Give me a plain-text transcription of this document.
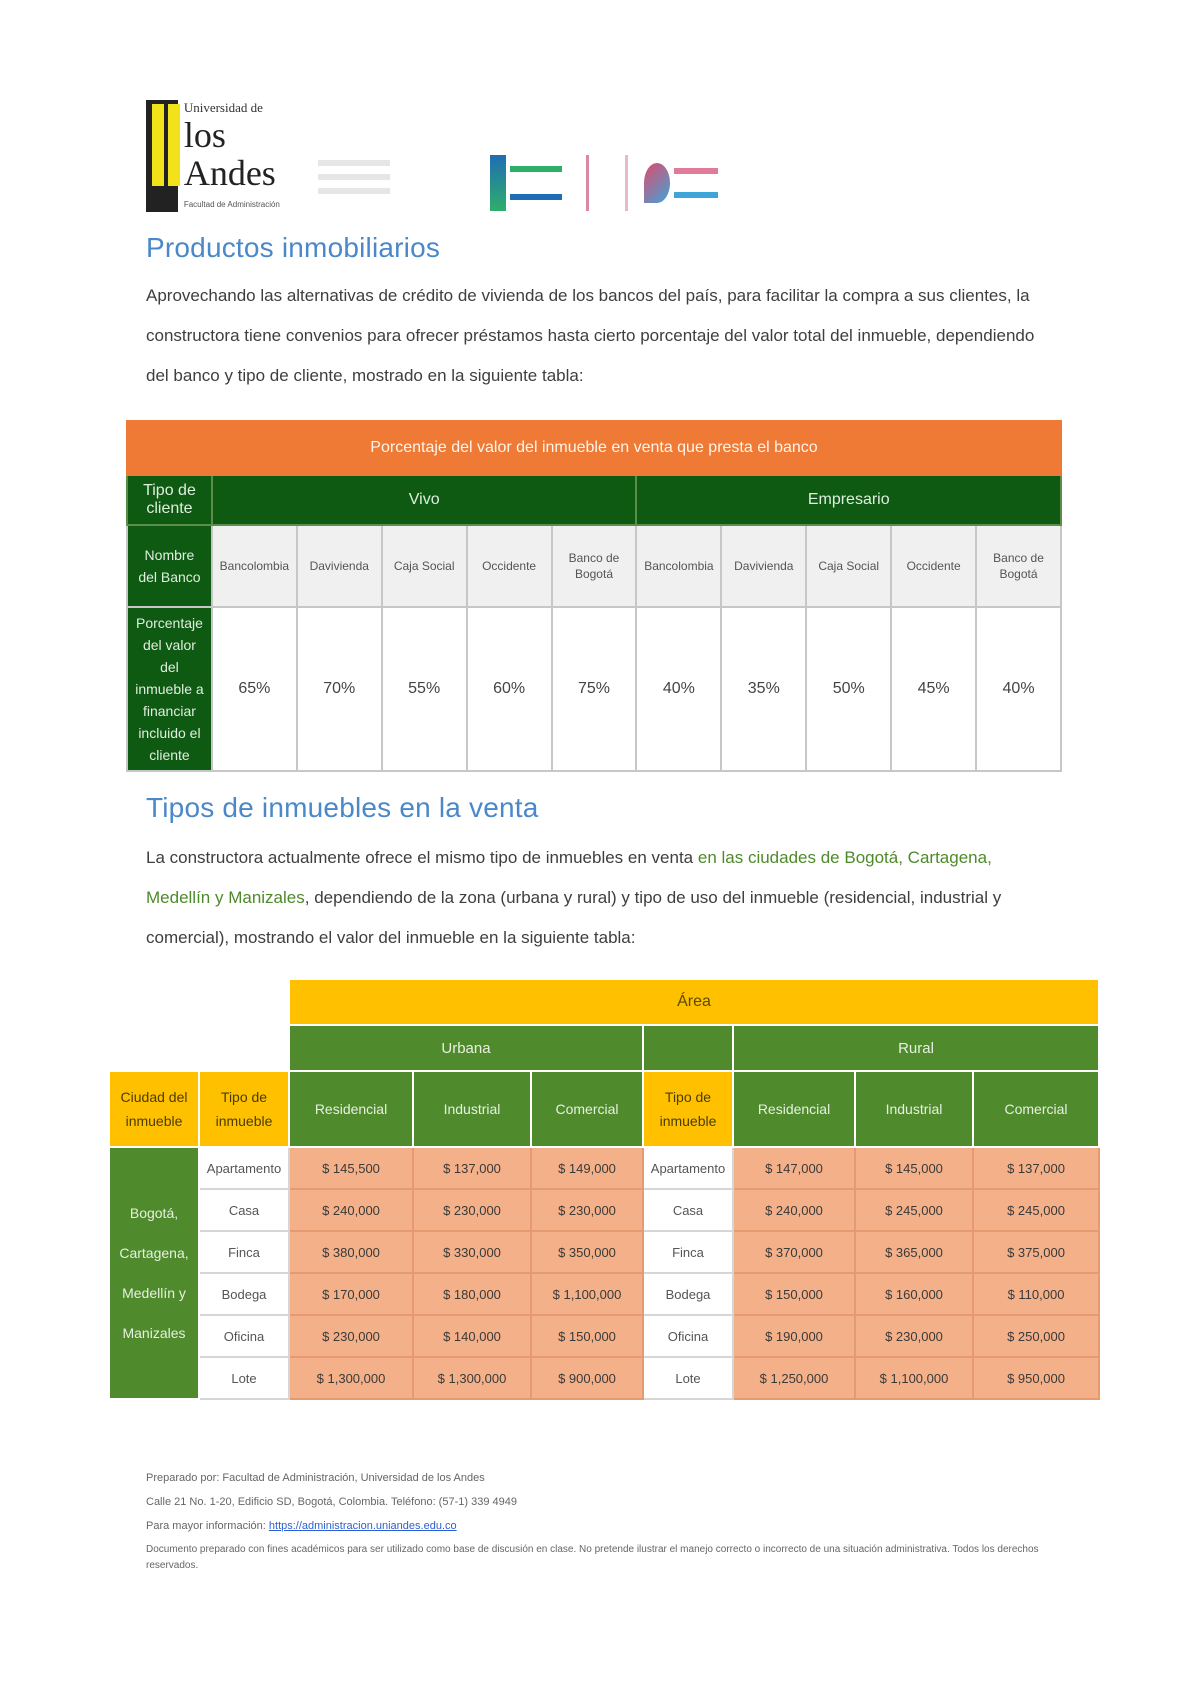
Universidad de
los Andes
Facultad de Administración
Productos inmobiliarios

Aprovechando las alternativas de crédito de vivienda de los bancos del país, para facilitar la compra a sus clientes, la constructora tiene convenios para ofrecer préstamos hasta cierto porcentaje del valor total del inmueble, dependiendo del banco y tipo de cliente, mostrado en la siguiente tabla:

Porcentaje del valor del inmueble en venta que presta el banco										
Tipo de cliente	Vivo					Empresario				
Nombre del Banco	Bancolombia	Davivienda	Caja Social	Occidente	Banco de Bogotá	Bancolombia	Davivienda	Caja Social	Occidente	Banco de Bogotá
Porcentaje del valor del inmueble a financiar incluido el cliente	65%	70%	55%	60%	75%	40%	35%	50%	45%	40%
Tipos de inmuebles en la venta

La constructora actualmente ofrece el mismo tipo de inmuebles en venta en las ciudades de Bogotá, Cartagena, Medellín y Manizales, dependiendo de la zona (urbana y rural) y tipo de uso del inmueble (residencial, industrial y comercial), mostrando el valor del inmueble en la siguiente tabla:

		Área						
		Urbana				Rural		
Ciudad del inmueble	Tipo de inmueble	Residencial	Industrial	Comercial	Tipo de inmueble	Residencial	Industrial	Comercial
Bogotá, Cartagena, Medellín y Manizales	Apartamento	$ 145,500	$ 137,000	$ 149,000	Apartamento	$ 147,000	$ 145,000	$ 137,000
	Casa	$ 240,000	$ 230,000	$ 230,000	Casa	$ 240,000	$ 245,000	$ 245,000
	Finca	$ 380,000	$ 330,000	$ 350,000	Finca	$ 370,000	$ 365,000	$ 375,000
	Bodega	$ 170,000	$ 180,000	$ 1,100,000	Bodega	$ 150,000	$ 160,000	$ 110,000
	Oficina	$ 230,000	$ 140,000	$ 150,000	Oficina	$ 190,000	$ 230,000	$ 250,000
	Lote	$ 1,300,000	$ 1,300,000	$ 900,000	Lote	$ 1,250,000	$ 1,100,000	$ 950,000
Preparado por: Facultad de Administración, Universidad de los Andes
Calle 21 No. 1-20, Edificio SD, Bogotá, Colombia. Teléfono: (57-1) 339 4949
Para mayor información: https://administracion.uniandes.edu.co
Documento preparado con fines académicos para ser utilizado como base de discusión en clase. No pretende ilustrar el manejo correcto o incorrecto de una situación administrativa. Todos los derechos reservados.
